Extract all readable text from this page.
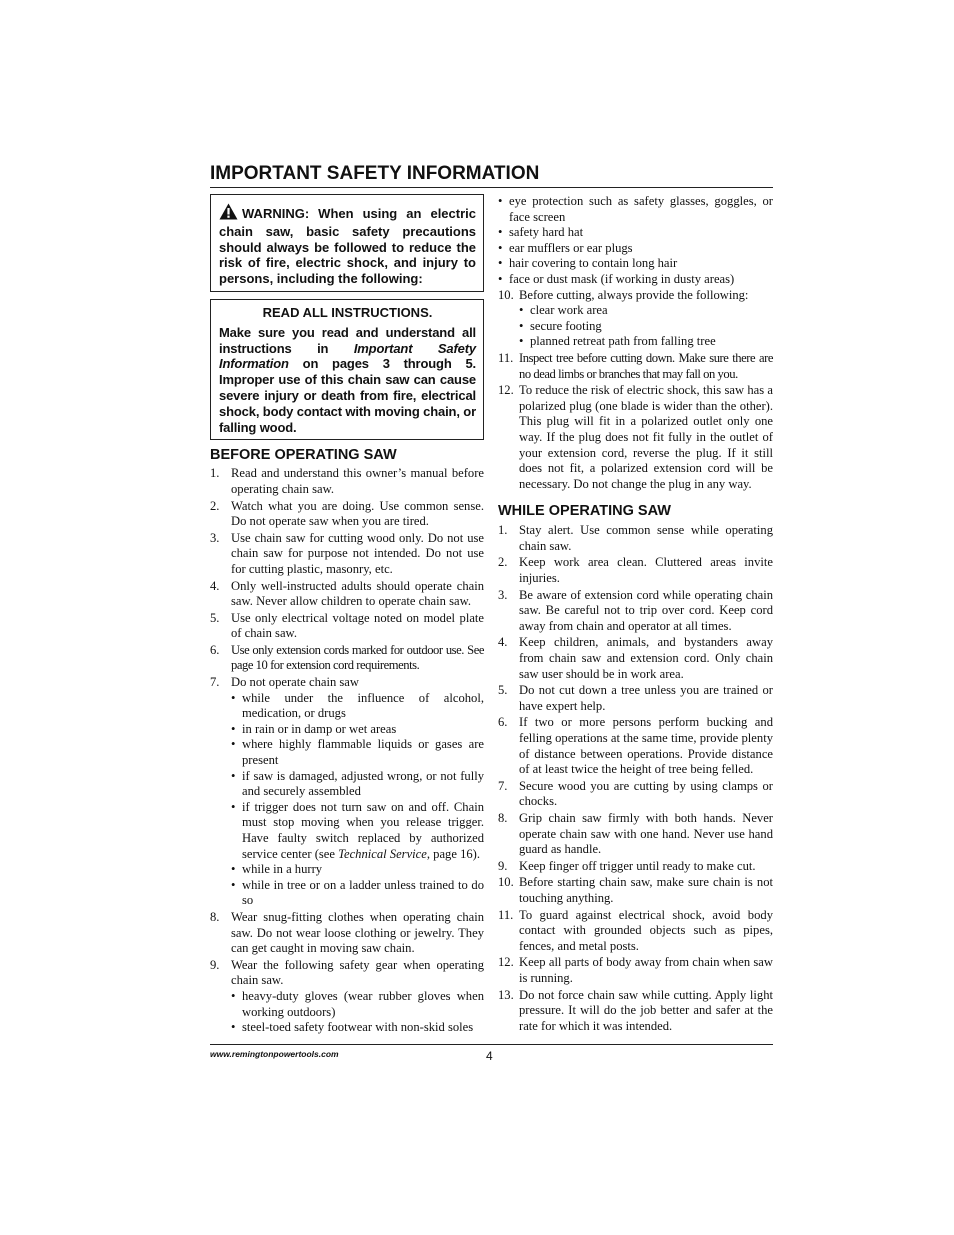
IMPORTANT SAFETY INFORMATION
WARNING: When using an electric chain saw, basic safety precautions should always be followed to reduce the risk of fire, electric shock, and injury to persons, including the following:
READ ALL INSTRUCTIONS.
Make sure you read and understand all instructions in Important Safety Information on pages 3 through 5. Improper use of this chain saw can cause severe injury or death from fire, electrical shock, body contact with moving chain, or falling wood.
BEFORE OPERATING SAW
1. Read and understand this owner’s manual before operating chain saw.
2. Watch what you are doing. Use common sense. Do not operate saw when you are tired.
3. Use chain saw for cutting wood only. Do not use chain saw for purpose not intended. Do not use for cutting plastic, masonry, etc.
4. Only well-instructed adults should operate chain saw. Never allow children to operate chain saw.
5. Use only electrical voltage noted on model plate of chain saw.
6. Use only extension cords marked for outdoor use. See page 10 for extension cord requirements.
7. Do not operate chain saw
• while under the influence of alcohol, medication, or drugs
• in rain or in damp or wet areas
• where highly flammable liquids or gases are present
• if saw is damaged, adjusted wrong, or not fully and securely assembled
• if trigger does not turn saw on and off. Chain must stop moving when you release trigger. Have faulty switch replaced by authorized service center (see Technical Service, page 16).
• while in a hurry
• while in tree or on a ladder unless trained to do so
8. Wear snug-fitting clothes when operating chain saw. Do not wear loose clothing or jewelry. They can get caught in moving saw chain.
9. Wear the following safety gear when operating chain saw.
• heavy-duty gloves (wear rubber gloves when working outdoors)
• steel-toed safety footwear with non-skid soles
• eye protection such as safety glasses, goggles, or face screen
• safety hard hat
• ear mufflers or ear plugs
• hair covering to contain long hair
• face or dust mask (if working in dusty areas)
10. Before cutting, always provide the following:
• clear work area
• secure footing
• planned retreat path from falling tree
11. Inspect tree before cutting down. Make sure there are no dead limbs or branches that may fall on you.
12. To reduce the risk of electric shock, this saw has a polarized plug (one blade is wider than the other). This plug will fit in a polarized outlet only one way. If the plug does not fit fully in the outlet of your extension cord, reverse the plug. If it still does not fit, a polarized extension cord will be necessary. Do not change the plug in any way.
WHILE OPERATING SAW
1. Stay alert. Use common sense while operating chain saw.
2. Keep work area clean. Cluttered areas invite injuries.
3. Be aware of extension cord while operating chain saw. Be careful not to trip over cord. Keep cord away from chain and operator at all times.
4. Keep children, animals, and bystanders away from chain saw and extension cord. Only chain saw user should be in work area.
5. Do not cut down a tree unless you are trained or have expert help.
6. If two or more persons perform bucking and felling operations at the same time, provide plenty of distance between operations. Provide distance of at least twice the height of tree being felled.
7. Secure wood you are cutting by using clamps or chocks.
8. Grip chain saw firmly with both hands. Never operate chain saw with one hand. Never use hand guard as handle.
9. Keep finger off trigger until ready to make cut.
10. Before starting chain saw, make sure chain is not touching anything.
11. To guard against electrical shock, avoid body contact with grounded objects such as pipes, fences, and metal posts.
12. Keep all parts of body away from chain when saw is running.
13. Do not force chain saw while cutting. Apply light pressure. It will do the job better and safer at the rate for which it was intended.
www.remingtonpowertools.com	4
